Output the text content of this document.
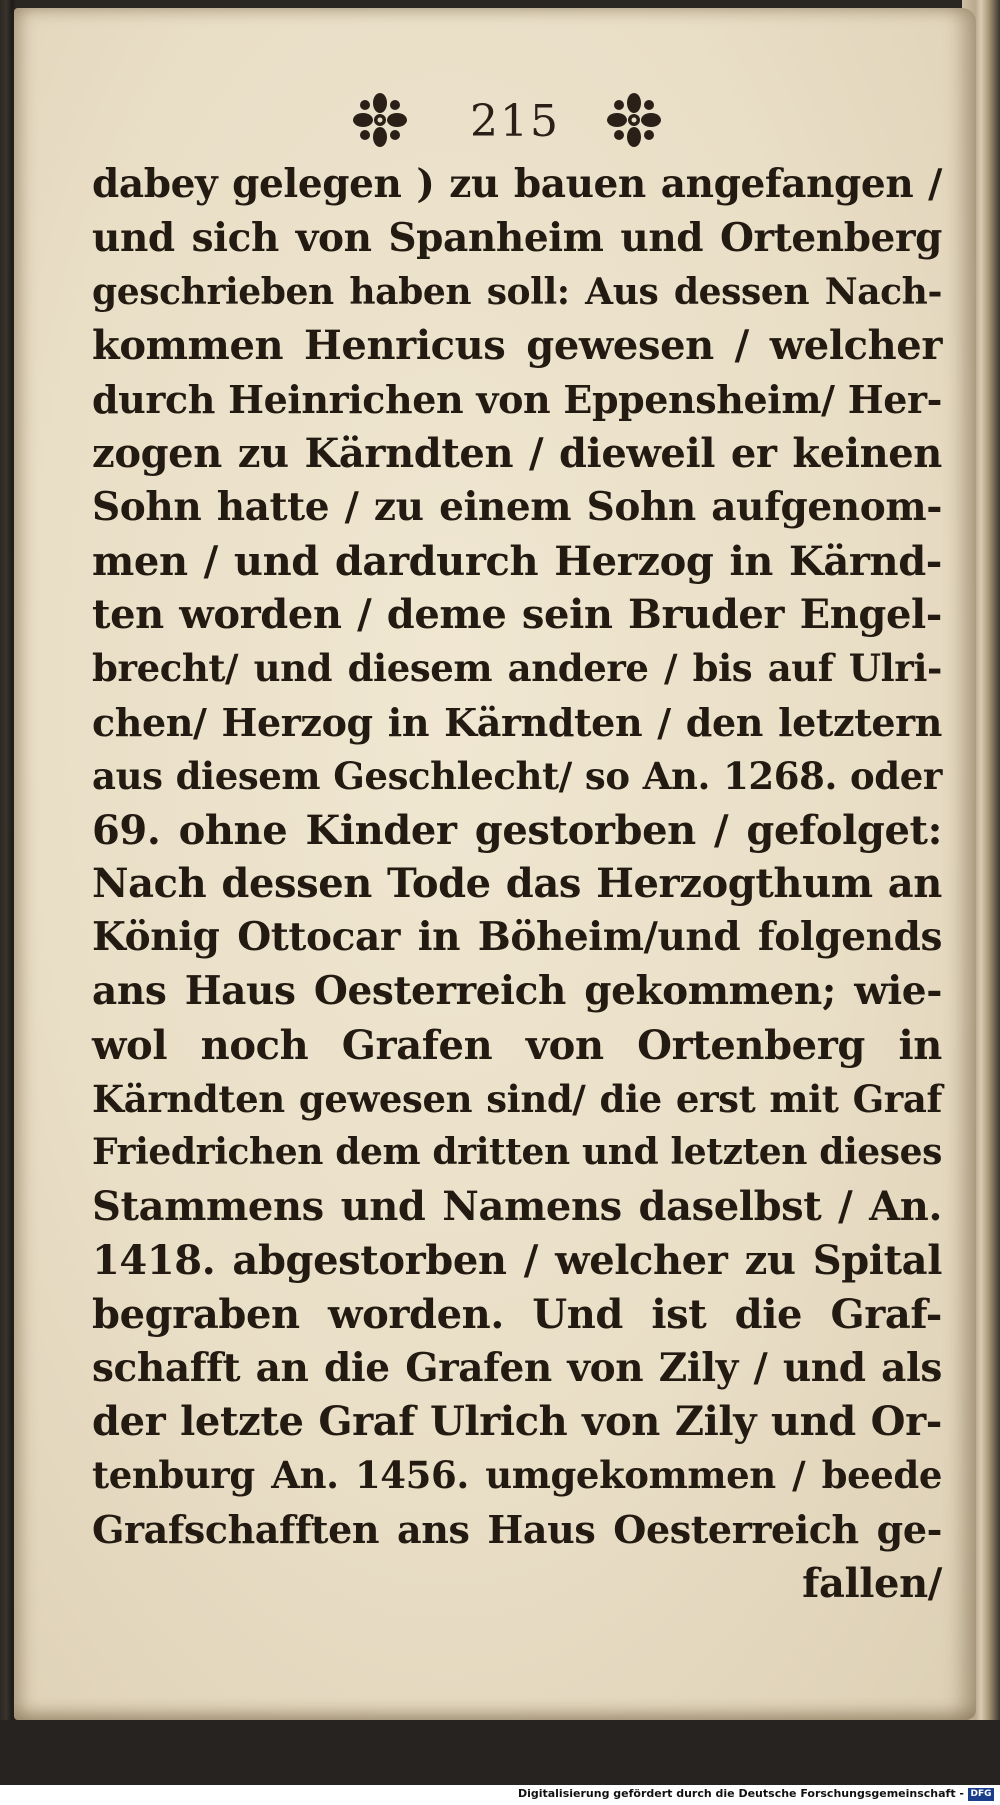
215
dabey gelegen ) zu bauen angefangen /
und sich von Spanheim und Ortenberg
geschrieben haben soll: Aus dessen Nach-
kommen Henricus gewesen / welcher
durch Heinrichen von Eppensheim/ Her-
zogen zu Kärndten / dieweil er keinen
Sohn hatte / zu einem Sohn aufgenom-
men / und dardurch Herzog in Kärnd-
ten worden / deme sein Bruder Engel-
brecht/ und diesem andere / bis auf Ulri-
chen/ Herzog in Kärndten / den letztern
aus diesem Geschlecht/ so An. 1268. oder
69. ohne Kinder gestorben / gefolget:
Nach dessen Tode das Herzogthum an
König Ottocar in Böheim/und folgends
ans Haus Oesterreich gekommen; wie-
wol noch Grafen von Ortenberg in
Kärndten gewesen sind/ die erst mit Graf
Friedrichen dem dritten und letzten dieses
Stammens und Namens daselbst / An.
1418. abgestorben / welcher zu Spital
begraben worden. Und ist die Graf-
schafft an die Grafen von Zily / und als
der letzte Graf Ulrich von Zily und Or-
tenburg An. 1456. umgekommen / beede
Grafschafften ans Haus Oesterreich ge-
fallen/
Digitalisierung gefördert durch die Deutsche Forschungsgemeinschaft - DFG
